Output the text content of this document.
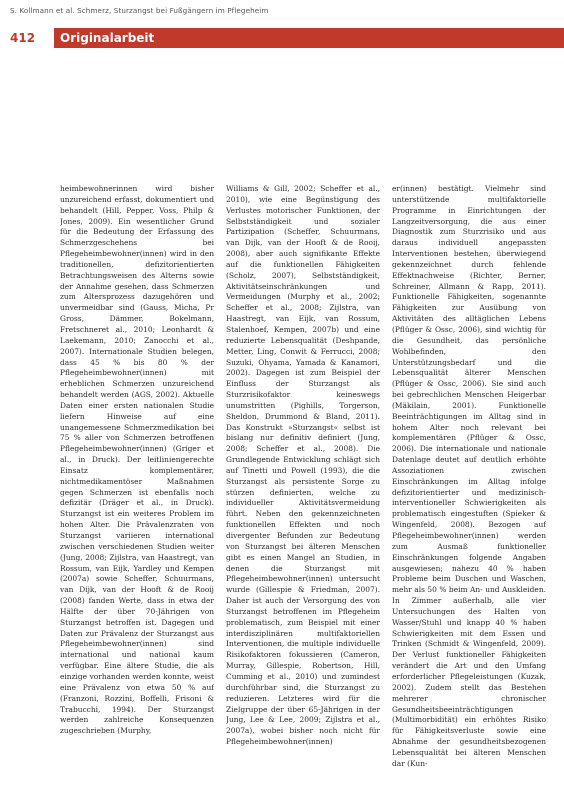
S. Kollmann et al. Schmerz, Sturzangst bei Fußgängern im Pflegeheim
412 Originalarbeit

heimbewohnerinnen wird bisher unzureichend erfasst, dokumentiert und behandelt (Hill, Pepper, Voss, Philp & Jones, 2009). Ein wesentlicher Grund für die Bedeutung der Erfassung des Schmerzgeschehens bei Pflegeheimbewohner(innen) wird in den traditionellen, defizitorientierten Betrachtungsweisen des Alterns sowie der Annahme gesehen, dass Schmerzen zum Altersprozess dazugehören und unvermeidbar sind (Gauss, Micha, Pr Gross, Dämmer, Bokelmann, Fretschneret al., 2010; Leonhardt & Laekemann, 2010; Zanocchi et al., 2007). Internationale Studien belegen, dass 45 % bis 80 % der Pflegeheimbewohner(innen) mit erheblichen Schmerzen unzureichend behandelt werden (AGS, 2002). Aktuelle Daten einer ersten nationalen Studie liefern Hinweise auf eine unangemessene Schmerzmedikation bei 75 % aller von Schmerzen betroffenen Pflegeheimbewohner(innen) (Griger et al., in Druck). Der leitliniengerechte Einsatz komplementärer, nichtmedikamentöser Maßnahmen gegen Schmerzen ist ebenfalls noch defizitär (Dräger et al., in Druck). Sturzangst ist ein weiteres Problem im hohen Alter. Die Prävalenzraten von Sturzangst variieren international zwischen verschiedenen Studien weiter (Jung, 2008; Zijlstra, van Haastregt, van Rossum, van Eijk, Yardley und Kempen (2007a) sowie Scheffer, Schuurmans, van Dijk, van der Hooft & de Rooij (2008) fanden Werte, dass in etwa der Hälfte der über 70-Jährigen von Sturzangst betroffen ist. Dagegen und Daten zur Prävalenz der Sturzangst aus Pflegeheimbewohner(innen) sind international und national kaum verfügbar. Eine ältere Studie, die als einzige vorhanden werden konnte, weist eine Prävalenz von etwa 50 % auf (Franzoni, Rozzini, Boffelli, Frisoni & Trabucchi, 1994). Der Sturzangst werden zahlreiche Konsequenzen zugeschrieben (Murphy,

Williams & Gill, 2002; Scheffer et al., 2010), wie eine Begünstigung des Verlustes motorischer Funktionen, der Selbstständigkeit und sozialer Partizipation (Scheffer, Schuurmans, van Dijk, van der Hooft & de Rooij, 2008), aber auch signifikante Effekte auf die funktionellen Fähigkeiten (Scholz, 2007), Selbstständigkeit, Aktivitätseinschränkungen und Vermeidungen (Murphy et al., 2002; Scheffer et al., 2008; Zijlstra, van Haastregt, van Eijk, van Rossum, Stalenhoef, Kempen, 2007b) und eine reduzierte Lebensqualität (Deshpande, Metter, Ling, Conwit & Ferrucci, 2008; Suzuki, Ohyama, Yamada & Kanamori, 2002). Dagegen ist zum Beispiel der Einfluss der Sturzangst als Sturzrisikofaktor keineswegs unumstritten (Pighills, Torgerson, Sheldon, Drummond & Bland, 2011). Das Konstrukt »Sturzangst« selbst ist bislang nur definitiv definiert (Jung, 2008; Scheffer et al., 2008). Die Grundlegende Entwicklung schlägt sich auf Tinetti und Powell (1993), die die Sturzangst als persistente Sorge zu stürzen definierten, welche zu individueller Aktivitätsvermeidung führt. Neben den gekennzeichneten funktionellen Effekten und noch divergenter Befunden zur Bedeutung von Sturzangst bei älteren Menschen gibt es einen Mangel an Studien, in denen die Sturzangst mit Pflegeheimbewohner(innen) untersucht wurde (Gillespie & Friedman, 2007). Daher ist auch der Versorgung des von Sturzangst betroffenen im Pflegeheim problematisch, zum Beispiel mit einer interdisziplinären multifaktoriellen Interventionen, die multiple individuelle Risikofaktoren fokussieren (Cameron, Murray, Gillespie, Robertson, Hill, Cumming et al., 2010) und zumindest durchführbar sind, die Sturzangst zu reduzieren. Letzteres wird für die Zielgruppe der über 65-Jährigen in der Jung, Lee & Lee, 2009; Zijlstra et al., 2007a), wobei bisher noch nicht für Pflegeheimbewohner(innen)

er(innen) bestätigt. Vielmehr sind unterstützende multifaktorielle Programme in Einrichtungen der Langzeitversorgung, die aus einer Diagnostik zum Sturzrisiko und aus daraus individuell angepassten Interventionen bestehen, überwiegend gekennzeichnet durch fehlende Effektnachweise (Richter, Berner, Schreiner, Allmann & Rapp, 2011). Funktionelle Fähigkeiten, sogenannte Fähigkeiten zur Ausübung von Aktivitäten des alltäglichen Lebens (Pflüger & Ossc, 2006), sind wichtig für die Gesundheit, das persönliche Wohlbefinden, den Unterstützungsbedarf und die Lebensqualität älterer Menschen (Pflüger & Ossc, 2006). Sie sind auch bei gebrechlichen Menschen Heigerbar (Mäkilain, 2001). Funktionelle Beeinträchtigungen im Alltag sind in hohem Alter noch relevant bei komplementären (Pflüger & Ossc, 2006). Die internationale und nationale Datenlage deutet auf deutlich erhöhte Assoziationen zwischen Einschränkungen im Alltag infolge defizitorientierter und medizinisch-interventioneller Schwierigkeiten als problematisch eingestuften (Spieker & Wingenfeld, 2008). Bezogen auf Pflegeheimbewohner(innen) werden zum Ausmaß funktioneller Einschränkungen folgende Angaben ausgewiesen; nahezu 40 % haben Probleme beim Duschen und Waschen, mehr als 50 % beim An- und Auskleiden. In Zimmer außerhalb, alle vier Untersuchungen des Halten von Wasser/Stuhl und knapp 40 % haben Schwierigkeiten mit dem Essen und Trinken (Schmidt & Wingenfeld, 2009). Der Verlust funktioneller Fähigkeiten verändert die Art und den Umfang erforderlicher Pflegeleistungen (Kuzak, 2002). Zudem stellt das Bestehen mehrerer chronischer Gesundheitsbeeinträchtigungen (Multimorbidität) ein erhöhtes Risiko für Fähigkeitsverluste sowie eine Abnahme der gesundheitsbezogenen Lebensqualität bei älteren Menschen dar (Kun-
